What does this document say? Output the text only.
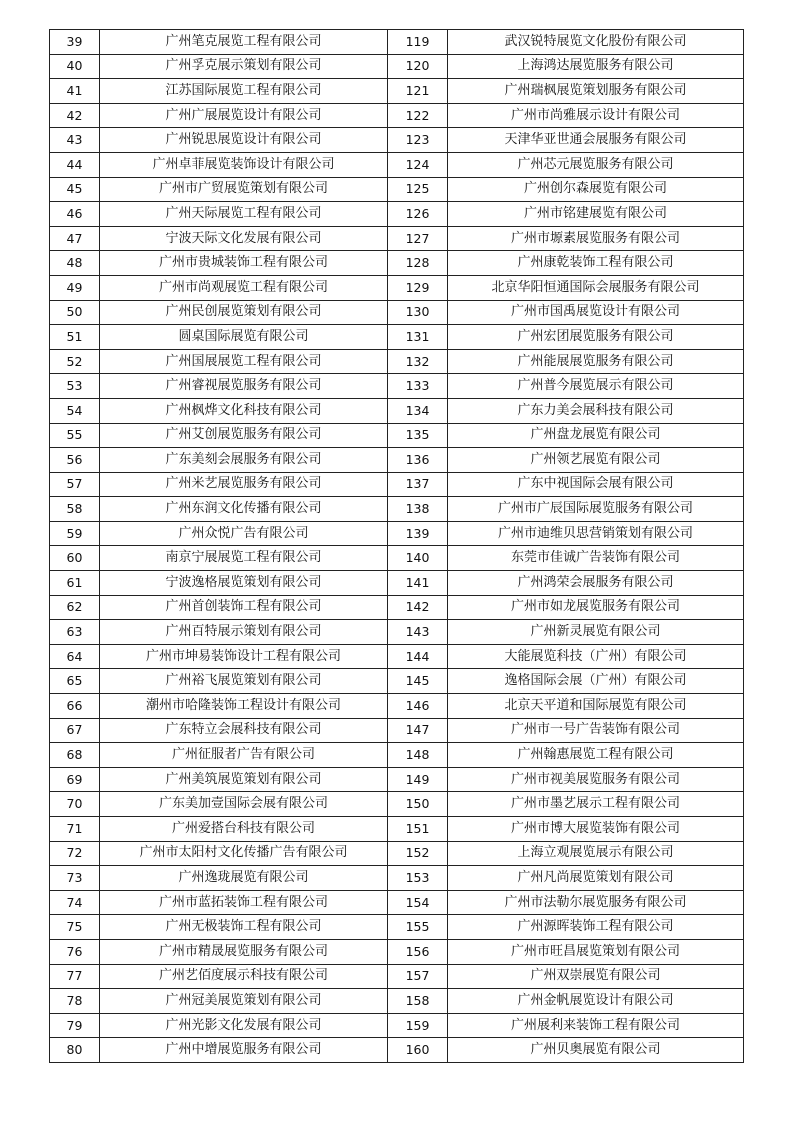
39	广州笔克展览工程有限公司	119	武汉锐特展览文化股份有限公司
40	广州孚克展示策划有限公司	120	上海鸿达展览服务有限公司
41	江苏国际展览工程有限公司	121	广州瑞枫展览策划服务有限公司
42	广州广展展览设计有限公司	122	广州市尚雅展示设计有限公司
43	广州锐思展览设计有限公司	123	天津华亚世通会展服务有限公司
44	广州卓菲展览装饰设计有限公司	124	广州芯元展览服务有限公司
45	广州市广贸展览策划有限公司	125	广州创尔森展览有限公司
46	广州天际展览工程有限公司	126	广州市铭建展览有限公司
47	宁波天际文化发展有限公司	127	广州市塬素展览服务有限公司
48	广州市贵城装饰工程有限公司	128	广州康乾装饰工程有限公司
49	广州市尚观展览工程有限公司	129	北京华阳恒通国际会展服务有限公司
50	广州民创展览策划有限公司	130	广州市国禹展览设计有限公司
51	圆桌国际展览有限公司	131	广州宏团展览服务有限公司
52	广州国展展览工程有限公司	132	广州能展展览服务有限公司
53	广州睿视展览服务有限公司	133	广州普今展览展示有限公司
54	广州枫烨文化科技有限公司	134	广东力美会展科技有限公司
55	广州艾创展览服务有限公司	135	广州盘龙展览有限公司
56	广东美刻会展服务有限公司	136	广州领艺展览有限公司
57	广州米艺展览服务有限公司	137	广东中视国际会展有限公司
58	广州东润文化传播有限公司	138	广州市广辰国际展览服务有限公司
59	广州众悦广告有限公司	139	广州市迪维贝思营销策划有限公司
60	南京宁展展览工程有限公司	140	东莞市佳诚广告装饰有限公司
61	宁波逸格展览策划有限公司	141	广州鸿荣会展服务有限公司
62	广州首创装饰工程有限公司	142	广州市如龙展览服务有限公司
63	广州百特展示策划有限公司	143	广州新灵展览有限公司
64	广州市坤易装饰设计工程有限公司	144	大能展览科技（广州）有限公司
65	广州裕飞展览策划有限公司	145	逸格国际会展（广州）有限公司
66	潮州市哈隆装饰工程设计有限公司	146	北京天平道和国际展览有限公司
67	广东特立会展科技有限公司	147	广州市一号广告装饰有限公司
68	广州征服者广告有限公司	148	广州翰惠展览工程有限公司
69	广州美筑展览策划有限公司	149	广州市视美展览服务有限公司
70	广东美加壹国际会展有限公司	150	广州市墨艺展示工程有限公司
71	广州爱搭台科技有限公司	151	广州市博大展览装饰有限公司
72	广州市太阳村文化传播广告有限公司	152	上海立观展览展示有限公司
73	广州逸珑展览有限公司	153	广州凡尚展览策划有限公司
74	广州市蓝拓装饰工程有限公司	154	广州市法勒尔展览服务有限公司
75	广州无极装饰工程有限公司	155	广州源晖装饰工程有限公司
76	广州市精晟展览服务有限公司	156	广州市旺昌展览策划有限公司
77	广州艺佰度展示科技有限公司	157	广州双崇展览有限公司
78	广州冠美展览策划有限公司	158	广州金帆展览设计有限公司
79	广州光影文化发展有限公司	159	广州展利来装饰工程有限公司
80	广州中增展览服务有限公司	160	广州贝奥展览有限公司
